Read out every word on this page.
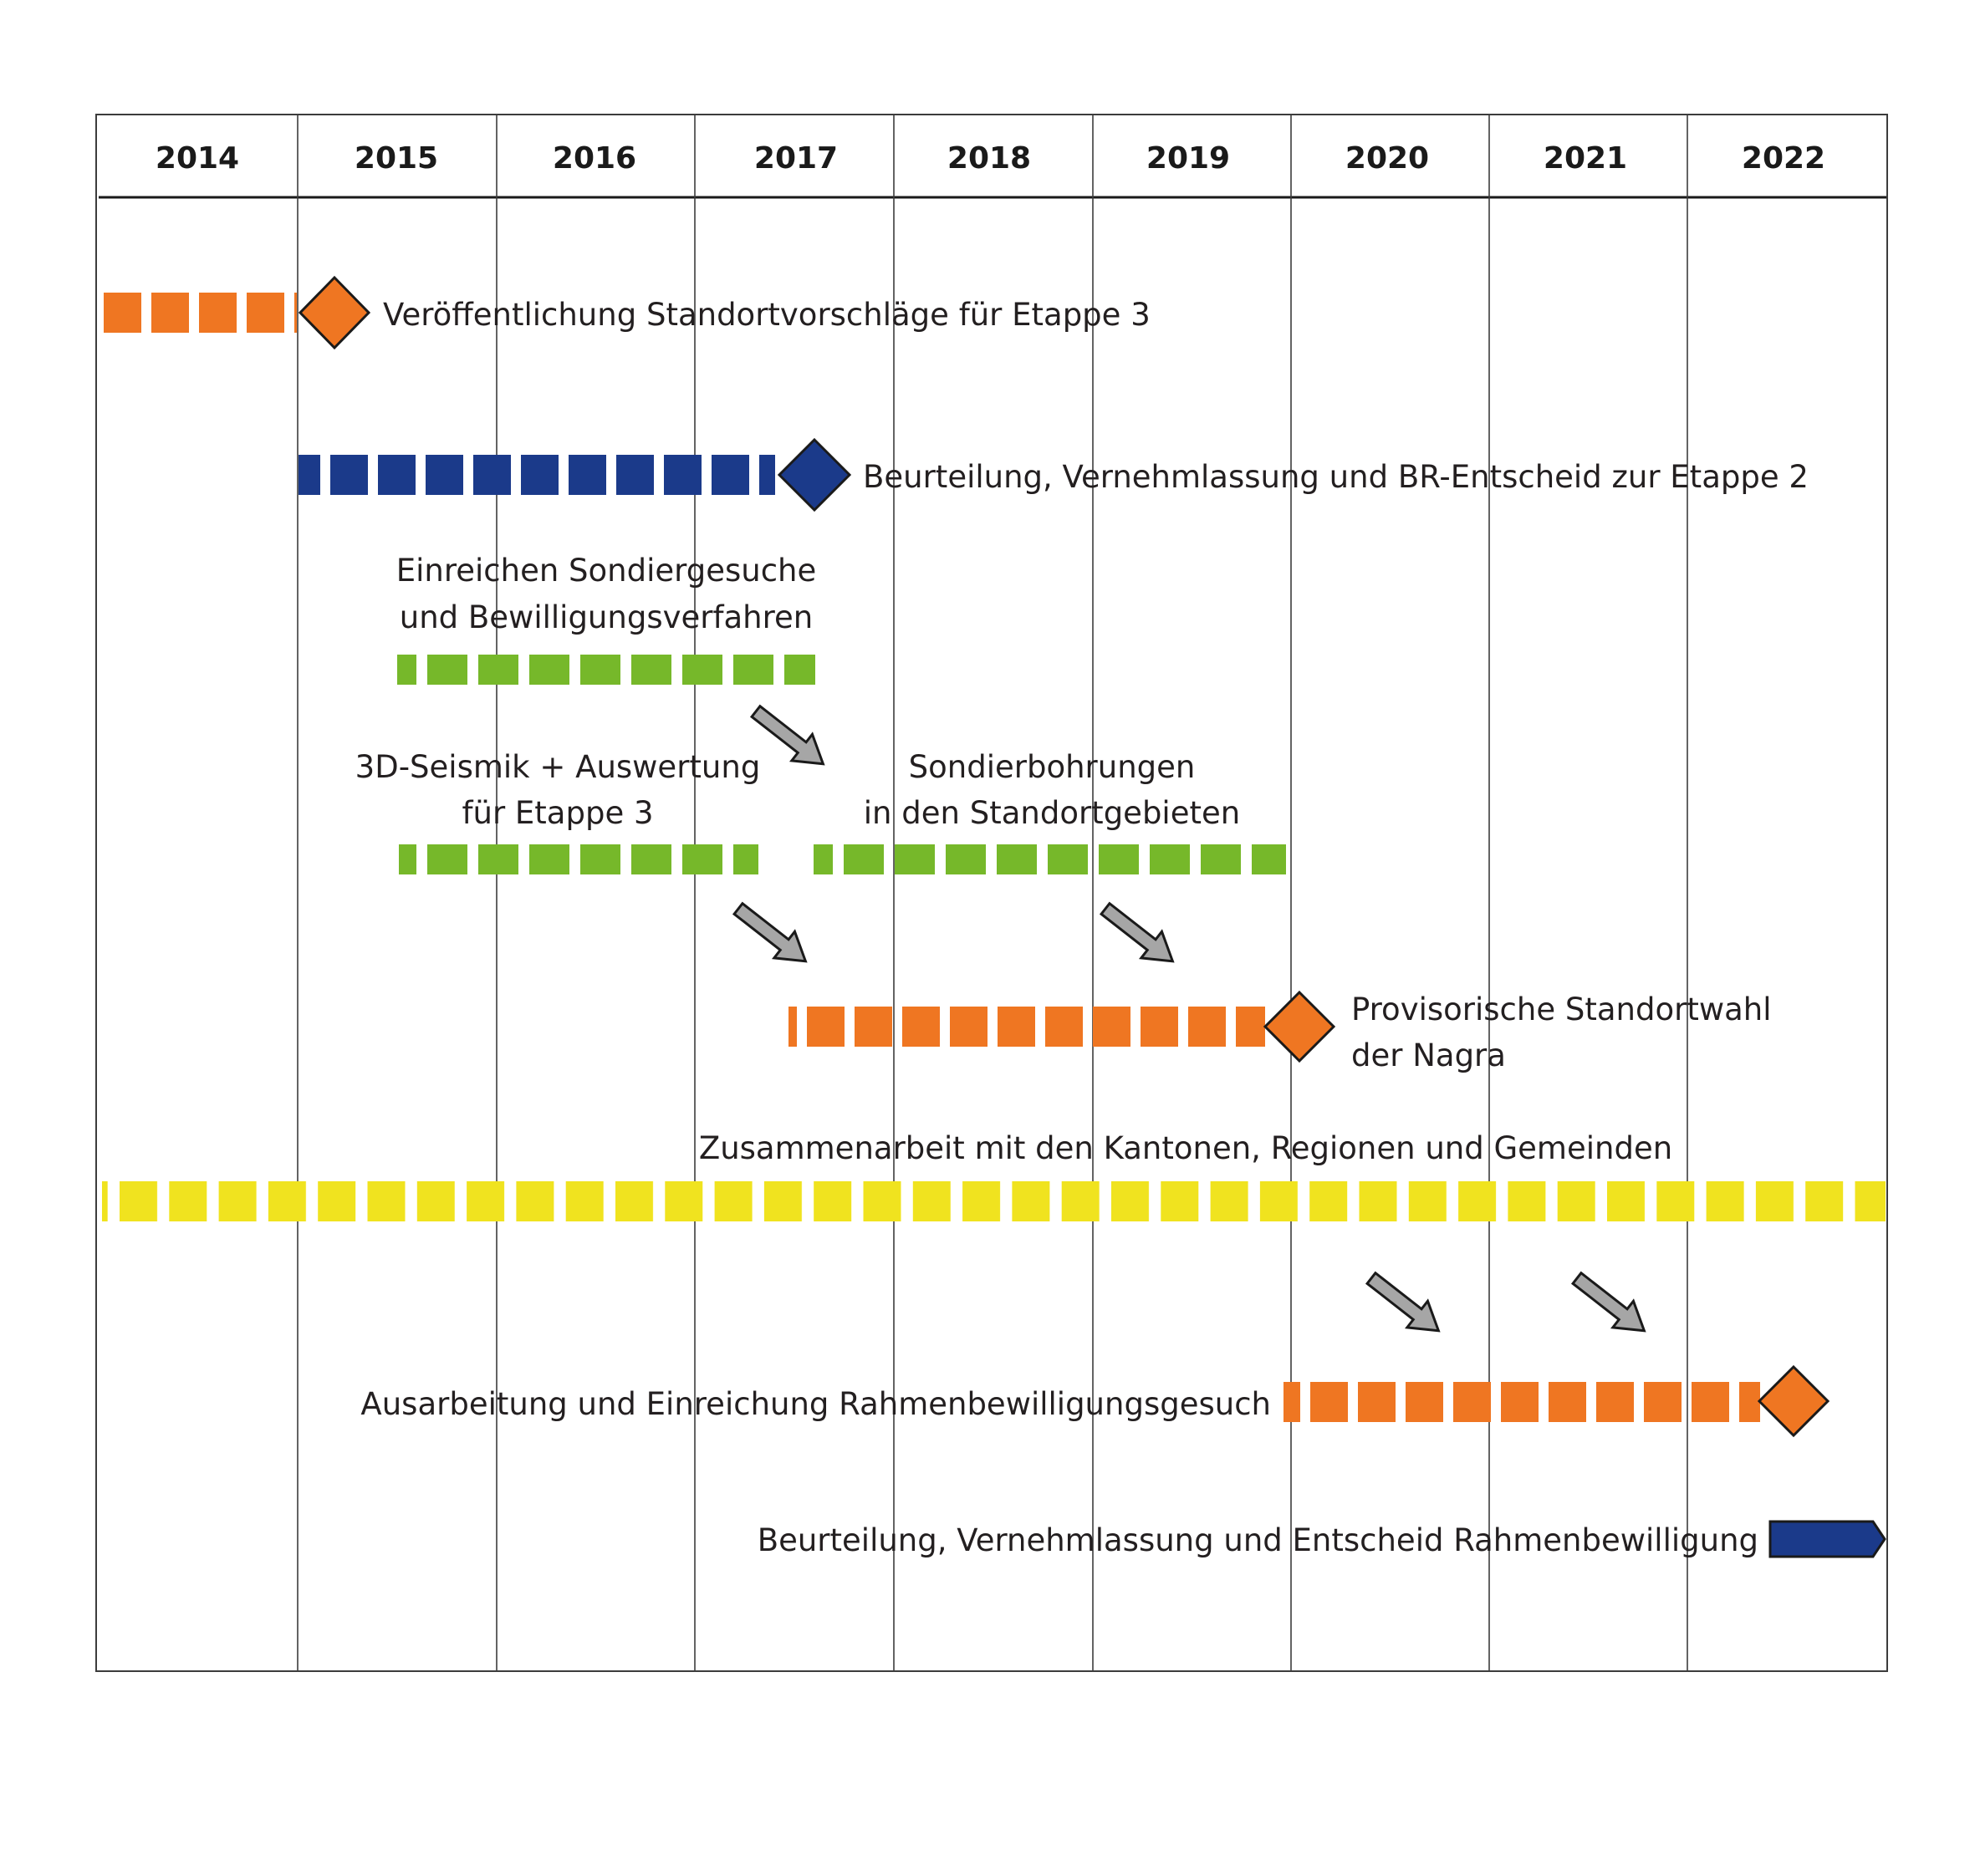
2014	2015	2016	2017	2018	2019	2020	2021	2022
Veröffentlichung Standortvorschläge für Etappe 3
Beurteilung, Vernehmlassung und BR-Entscheid zur Etappe 2
Einreichen Sondiergesuche
und Bewilligungsverfahren
3D-Seismik + Auswertung
für Etappe 3
Sondierbohrungen
in den Standortgebieten
Provisorische Standortwahl
der Nagra
Zusammenarbeit mit den Kantonen, Regionen und Gemeinden
Ausarbeitung und Einreichung Rahmenbewilligungsgesuch
Beurteilung, Vernehmlassung und Entscheid Rahmenbewilligung
